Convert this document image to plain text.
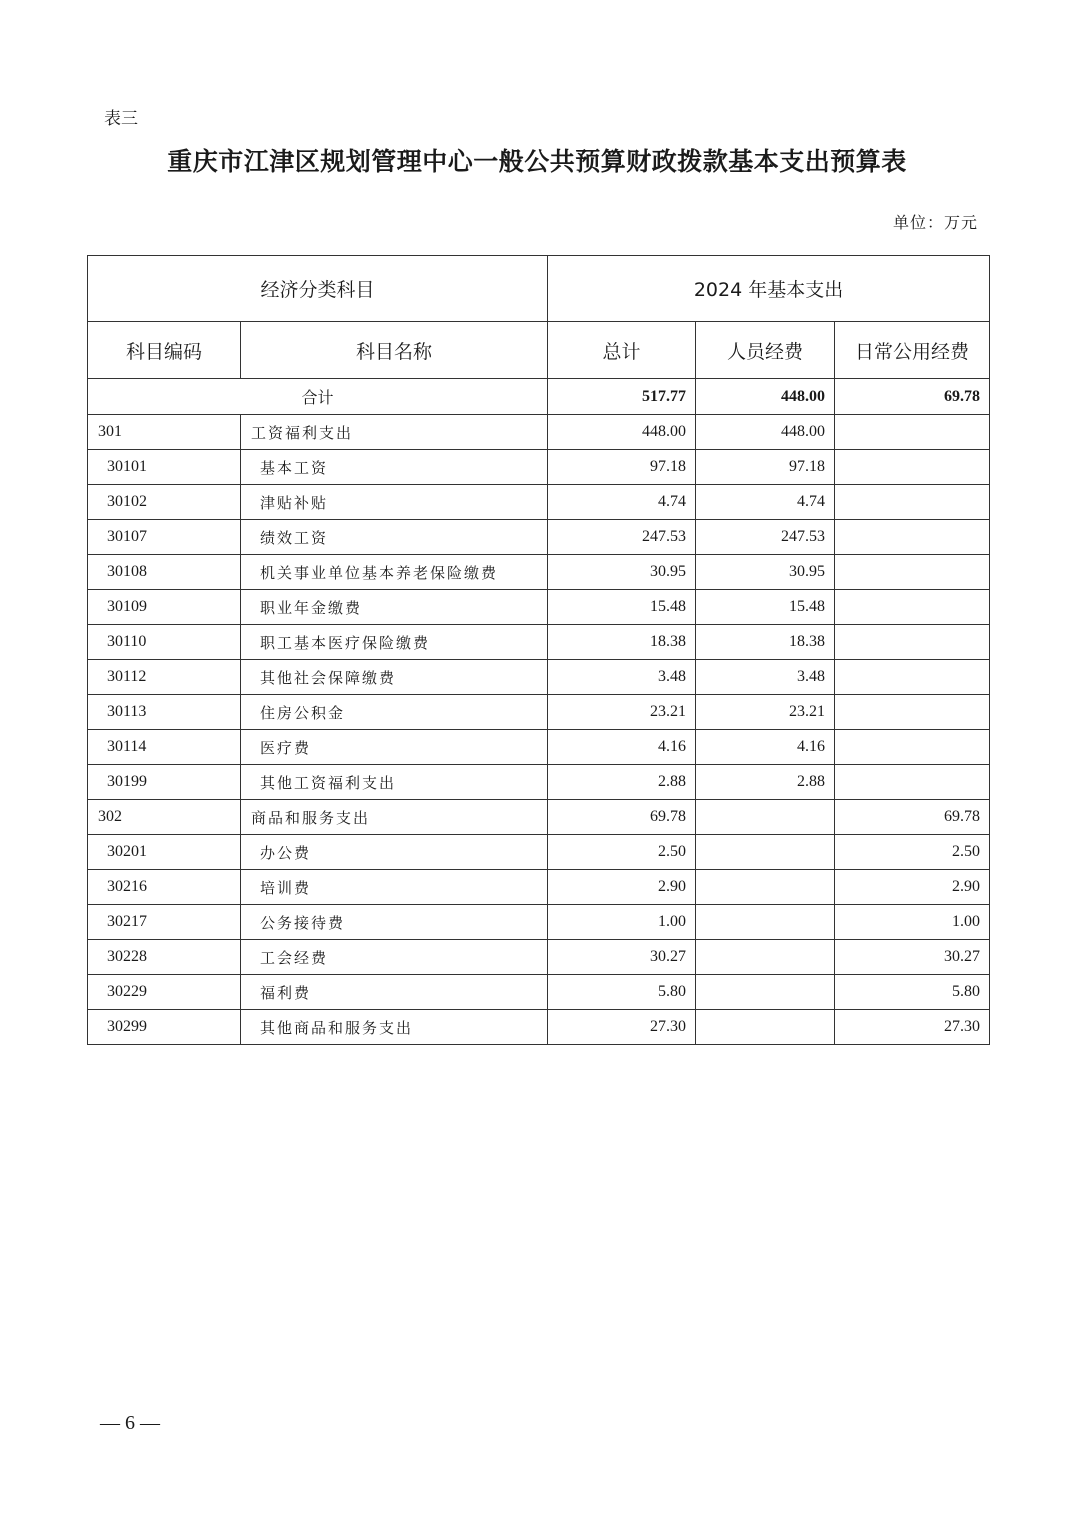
表三
重庆市江津区规划管理中心一般公共预算财政拨款基本支出预算表
单位：万元
经济分类科目		2024 年基本支出		
科目编码	科目名称	总计	人员经费	日常公用经费
合计		517.77	448.00	69.78
301	工资福利支出	448.00	448.00	
30101	基本工资	97.18	97.18	
30102	津贴补贴	4.74	4.74	
30107	绩效工资	247.53	247.53	
30108	机关事业单位基本养老保险缴费	30.95	30.95	
30109	职业年金缴费	15.48	15.48	
30110	职工基本医疗保险缴费	18.38	18.38	
30112	其他社会保障缴费	3.48	3.48	
30113	住房公积金	23.21	23.21	
30114	医疗费	4.16	4.16	
30199	其他工资福利支出	2.88	2.88	
302	商品和服务支出	69.78		69.78
30201	办公费	2.50		2.50
30216	培训费	2.90		2.90
30217	公务接待费	1.00		1.00
30228	工会经费	30.27		30.27
30229	福利费	5.80		5.80
30299	其他商品和服务支出	27.30		27.30
— 6 —
